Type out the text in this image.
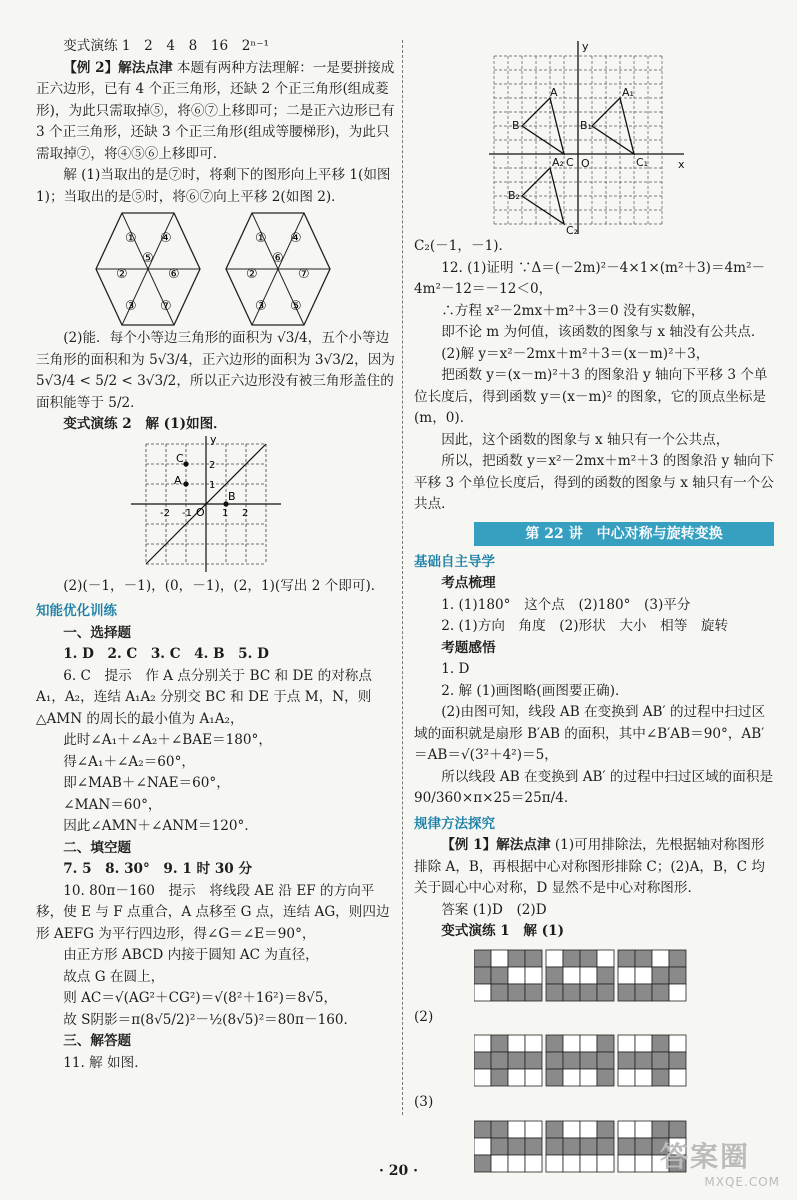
变式演练 1　2　4　8　16　2ⁿ⁻¹

【例 2】解法点津 本题有两种方法理解：一是要拼接成正六边形，已有 4 个正三角形，还缺 2 个正三角形(组成菱形)，为此只需取掉⑤，将⑥⑦上移即可；二是正六边形已有 3 个正三角形，还缺 3 个正三角形(组成等腰梯形)，为此只需取掉⑦，将④⑤⑥上移即可．

解 (1)当取出的是⑦时，将剩下的图形向上平移 1(如图 1)；当取出的是⑤时，将⑥⑦向上平移 2(如图 2)．

① ④
②
⑤
⑥
③ ⑦
① ④
②
⑥
⑦
③ ⑤

(2)能．每个小等边三角形的面积为 √3/4，五个小等边三角形的面积和为 5√3/4，正六边形的面积为 3√3/2，因为 5√3/4 < 5/2 < 3√3/2，所以正六边形没有被三角形盖住的面积能等于 5/2．

变式演练 2　解 (1)如图．

y
C
A
B
O
2
1
-1
-2	1 2

(2)(－1，－1)，(0，－1)，(2，1)(写出 2 个即可)．

知能优化训练

一、选择题

1. D　2. C　3. C　4. B　5. D

6. C　提示　作 A 点分别关于 BC 和 DE 的对称点 A₁，A₂，连结 A₁A₂ 分别交 BC 和 DE 于点 M，N，则△AMN 的周长的最小值为 A₁A₂，

此时∠A₁＋∠A₂＋∠BAE＝180°，

得∠A₁＋∠A₂＝60°，

即∠MAB＋∠NAE＝60°，

∠MAN＝60°，

因此∠AMN＋∠ANM＝120°．

二、填空题

7. 5　8. 30°　9. 1 时 30 分

10. 80π－160　提示　将线段 AE 沿 EF 的方向平移，使 E 与 F 点重合，A 点移至 G 点，连结 AG，则四边形 AEFG 为平行四边形，得∠G＝∠E＝90°，

由正方形 ABCD 内接于圆知 AC 为直径，

故点 G 在圆上，

则 AC＝√(AG²＋CG²)＝√(8²＋16²)＝8√5，

故 S阴影＝π(8√5/2)²－½(8√5)²＝80π－160．

三、解答题

11. 解 如图．

y
x
O
A
B
C
A₁
B₁
C₁
A₂
B₂
C₂

C₂(－1，－1)．

12. (1)证明 ∵Δ＝(－2m)²－4×1×(m²＋3)＝4m²－4m²－12＝－12＜0，

∴方程 x²－2mx＋m²＋3＝0 没有实数解，

即不论 m 为何值，该函数的图象与 x 轴没有公共点．

(2)解 y＝x²－2mx＋m²＋3＝(x－m)²＋3，

把函数 y＝(x－m)²＋3 的图象沿 y 轴向下平移 3 个单位长度后，得到函数 y＝(x－m)² 的图象，它的顶点坐标是(m，0)．

因此，这个函数的图象与 x 轴只有一个公共点，

所以，把函数 y＝x²－2mx＋m²＋3 的图象沿 y 轴向下平移 3 个单位长度后，得到的函数的图象与 x 轴只有一个公共点．

第 22 讲　中心对称与旋转变换

基础自主导学

考点梳理

1. (1)180°　这个点　(2)180°　(3)平分

2. (1)方向　角度　(2)形状　大小　相等　旋转

考题感悟

1. D

2. 解 (1)画图略(画图要正确)．

(2)由图可知，线段 AB 在变换到 AB′ 的过程中扫过区域的面积就是扇形 B′AB 的面积，其中∠B′AB＝90°，AB′＝AB＝√(3²＋4²)＝5，

所以线段 AB 在变换到 AB′ 的过程中扫过区域的面积是 90/360×π×25＝25π/4．

规律方法探究

【例 1】解法点津 (1)可用排除法，先根据轴对称图形排除 A，B，再根据中心对称图形排除 C；(2)A，B，C 均关于圆心中心对称，D 显然不是中心对称图形．

答案 (1)D　(2)D

变式演练 1　解 (1)

(2)

(3)

· 20 ·	答案圈
MXQE.COM
